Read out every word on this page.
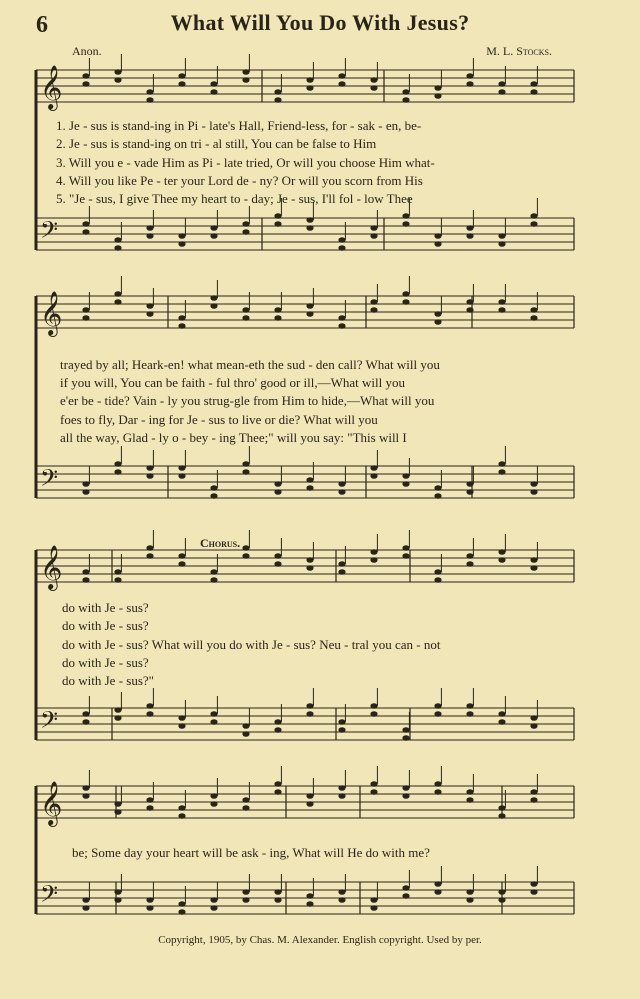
6	What Will You Do With Jesus?
Anon.	M. L. Stocks.
𝄞
𝄢
𝄞
𝄢
𝄞
𝄢
𝄞
𝄢
1. Je - sus is stand-ing in Pi - late's Hall, Friend-less, for - sak - en, be-
2. Je - sus is stand-ing on tri - al still, You can be false to Him
3. Will you e - vade Him as Pi - late tried, Or will you choose Him what-
4. Will you like Pe - ter your Lord de - ny? Or will you scorn from His
5. "Je - sus, I give Thee my heart to - day; Je - sus, I'll fol - low Thee
trayed by all; Heark-en! what mean-eth the sud - den call? What will you
if you will, You can be faith - ful thro' good or ill,—What will you
e'er be - tide? Vain - ly you strug-gle from Him to hide,—What will you
foes to fly, Dar - ing for Je - sus to live or die? What will you
all the way, Glad - ly o - bey - ing Thee;" will you say: "This will I
Chorus.
do with Je - sus?
do with Je - sus?
do with Je - sus? What will you do with Je - sus? Neu - tral you can - not
do with Je - sus?
do with Je - sus?"
be; Some day your heart will be ask - ing, What will He do with me?
Copyright, 1905, by Chas. M. Alexander. English copyright. Used by per.
